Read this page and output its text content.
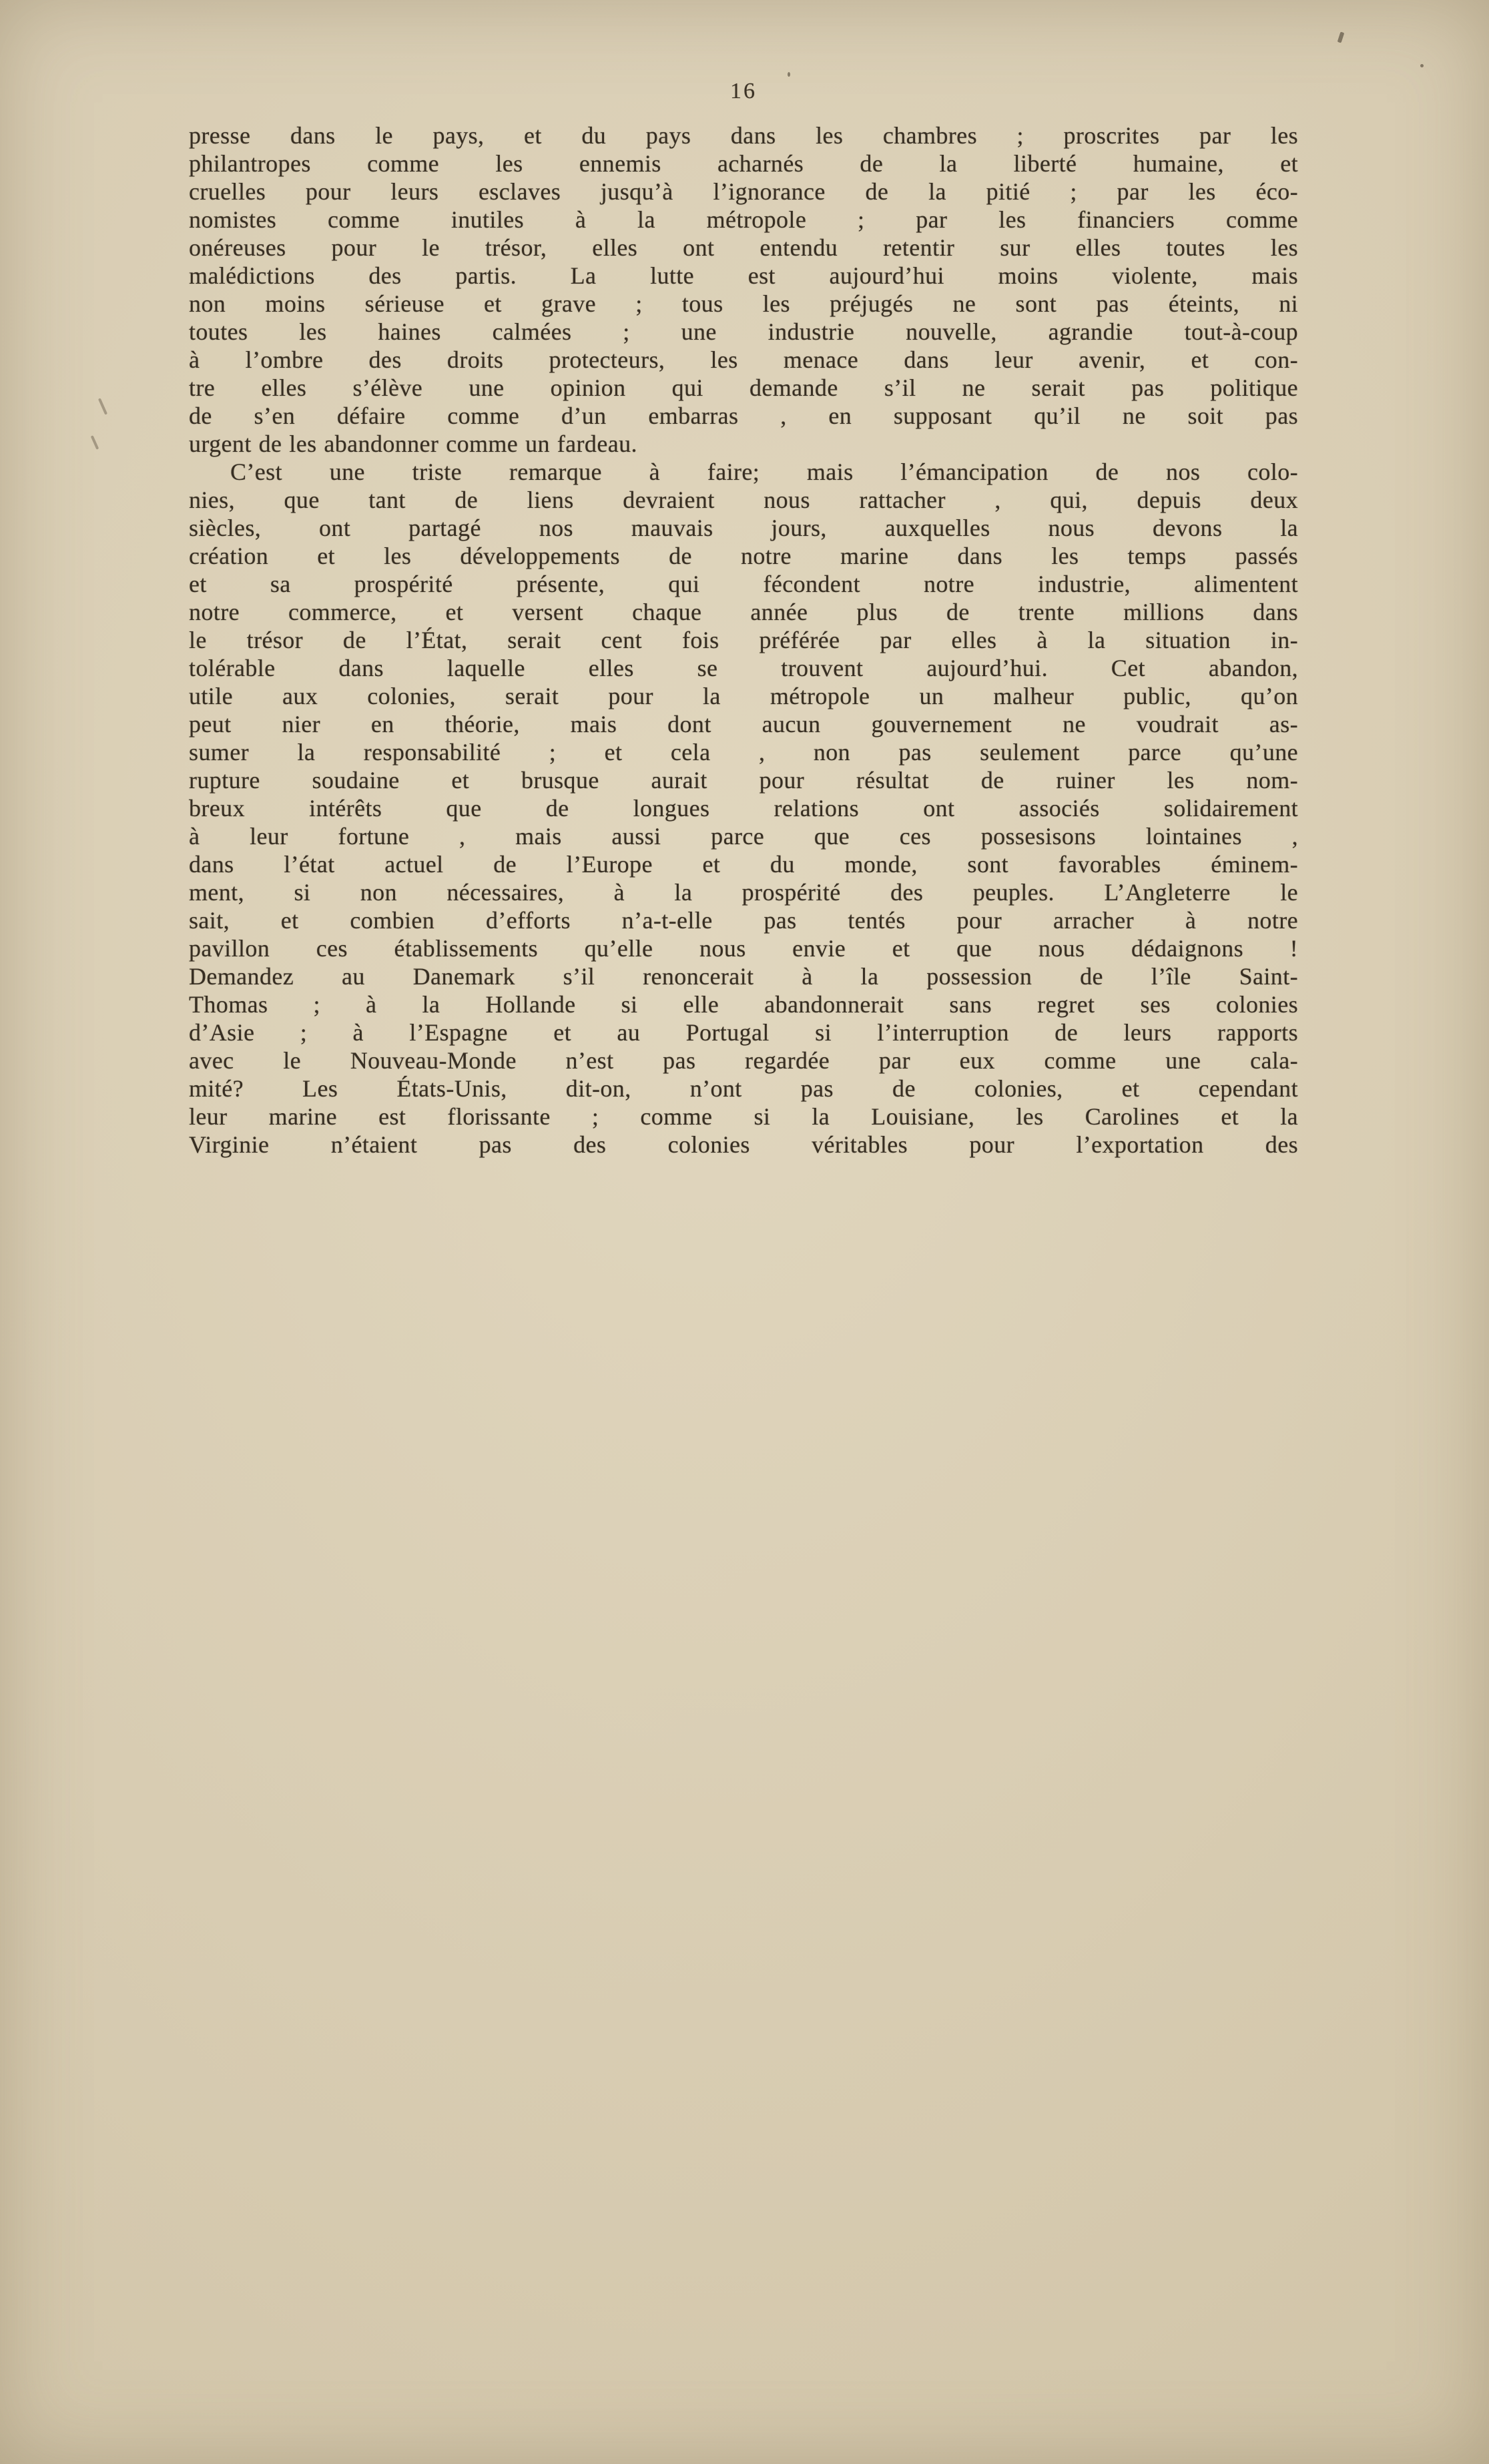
16
presse dans le pays, et du pays dans les chambres ; proscrites par les
philantropes comme les ennemis acharnés de la liberté humaine, et
cruelles pour leurs esclaves jusqu’à l’ignorance de la pitié ; par les éco-
nomistes comme inutiles à la métropole ; par les financiers comme
onéreuses pour le trésor, elles ont entendu retentir sur elles toutes les
malédictions des partis. La lutte est aujourd’hui moins violente, mais
non moins sérieuse et grave ; tous les préjugés ne sont pas éteints, ni
toutes les haines calmées ; une industrie nouvelle, agrandie tout-à-coup
à l’ombre des droits protecteurs, les menace dans leur avenir, et con-
tre elles s’élève une opinion qui demande s’il ne serait pas politique
de s’en défaire comme d’un embarras , en supposant qu’il ne soit pas
urgent de les abandonner comme un fardeau.
C’est une triste remarque à faire; mais l’émancipation de nos colo-
nies, que tant de liens devraient nous rattacher , qui, depuis deux
siècles, ont partagé nos mauvais jours, auxquelles nous devons la
création et les développements de notre marine dans les temps passés
et sa prospérité présente, qui fécondent notre industrie, alimentent
notre commerce, et versent chaque année plus de trente millions dans
le trésor de l’État, serait cent fois préférée par elles à la situation in-
tolérable dans laquelle elles se trouvent aujourd’hui. Cet abandon,
utile aux colonies, serait pour la métropole un malheur public, qu’on
peut nier en théorie, mais dont aucun gouvernement ne voudrait as-
sumer la responsabilité ; et cela , non pas seulement parce qu’une
rupture soudaine et brusque aurait pour résultat de ruiner les nom-
breux intérêts que de longues relations ont associés solidairement
à leur fortune , mais aussi parce que ces possesisons lointaines ,
dans l’état actuel de l’Europe et du monde, sont favorables éminem-
ment, si non nécessaires, à la prospérité des peuples. L’Angleterre le
sait, et combien d’efforts n’a-t-elle pas tentés pour arracher à notre
pavillon ces établissements qu’elle nous envie et que nous dédaignons !
Demandez au Danemark s’il renoncerait à la possession de l’île Saint-
Thomas ; à la Hollande si elle abandonnerait sans regret ses colonies
d’Asie ; à l’Espagne et au Portugal si l’interruption de leurs rapports
avec le Nouveau-Monde n’est pas regardée par eux comme une cala-
mité? Les États-Unis, dit-on, n’ont pas de colonies, et cependant
leur marine est florissante ; comme si la Louisiane, les Carolines et la
Virginie n’étaient pas des colonies véritables pour l’exportation des
